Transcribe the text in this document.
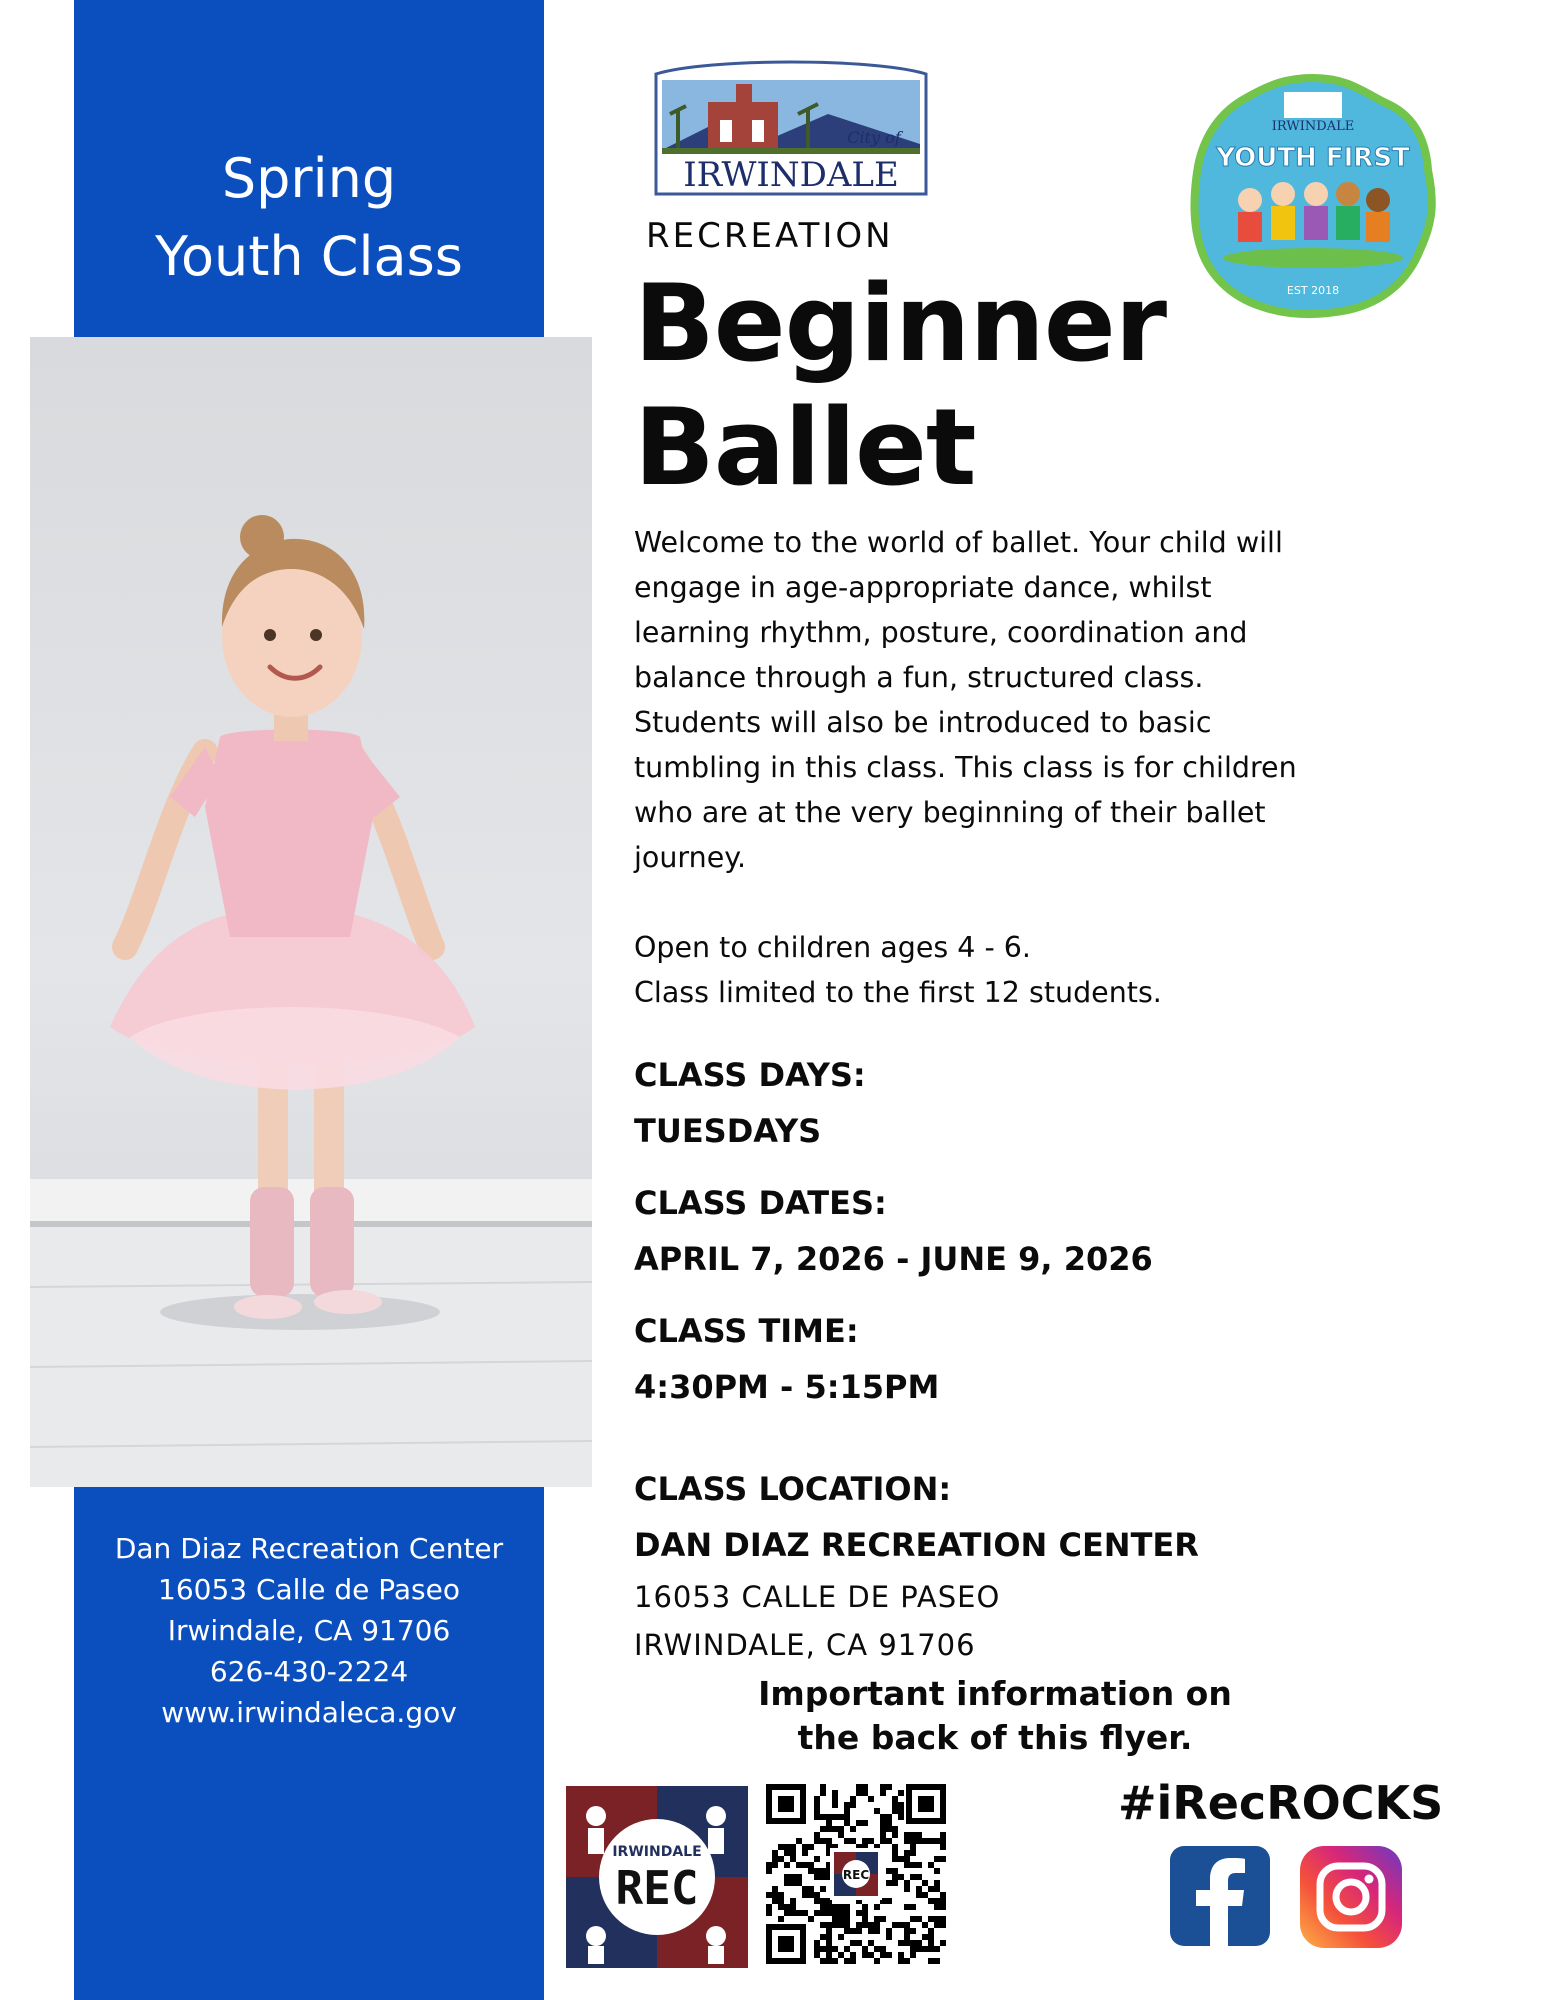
Spring
Youth Class
City of
IRWINDALE
RECREATION
IRWINDALE
YOUTH FIRST
EST 2018
Beginner
Ballet
Welcome to the world of ballet. Your child will
engage in age-appropriate dance, whilst
learning rhythm, posture, coordination and
balance through a fun, structured class.
Students will also be introduced to basic
tumbling in this class. This class is for children
who are at the very beginning of their ballet
journey.
Open to children ages 4 - 6.
Class limited to the first 12 students.
CLASS DAYS:
TUESDAYS
CLASS DATES:
APRIL 7, 2026 - JUNE 9, 2026
CLASS TIME:
4:30PM - 5:15PM
CLASS LOCATION:
DAN DIAZ RECREATION CENTER
16053 CALLE DE PASEO
IRWINDALE, CA 91706
Dan Diaz Recreation Center
16053 Calle de Paseo
Irwindale, CA 91706
626-430-2224
www.irwindaleca.gov	Important information on
the back of this flyer.
IRWINDALE
REC	REC
#iRecROCKS
